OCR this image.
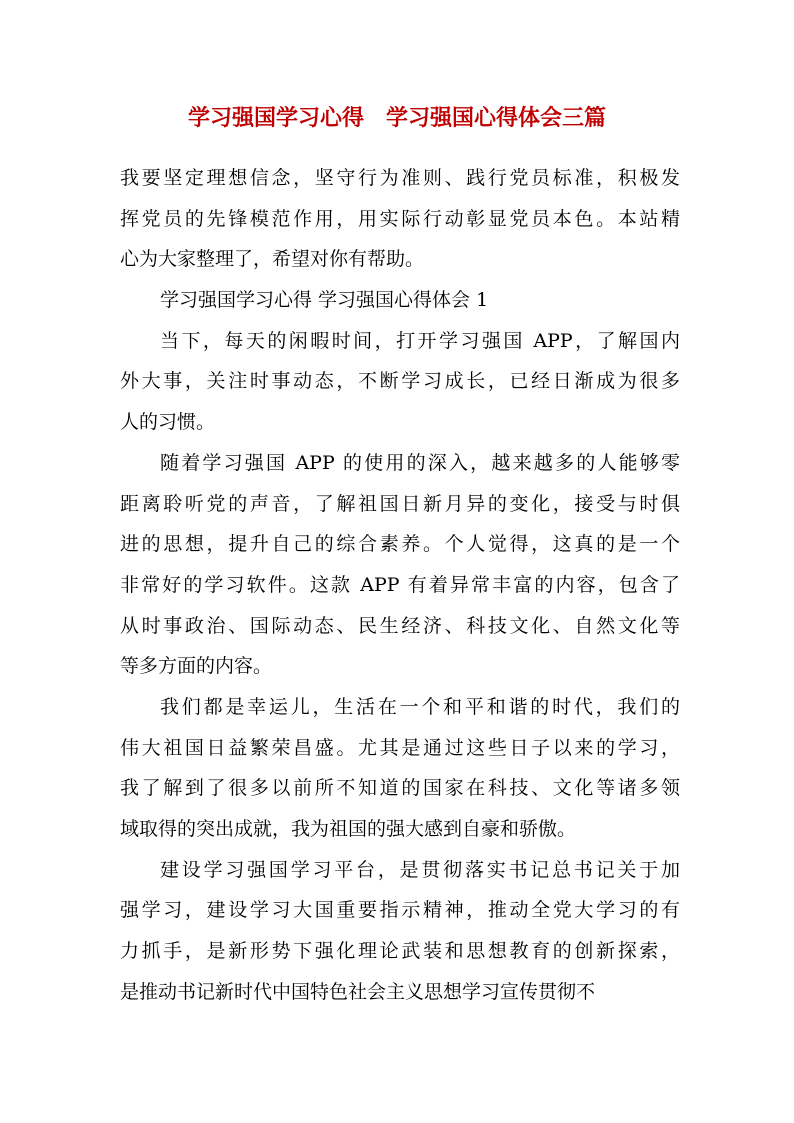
学习强国学习心得　学习强国心得体会三篇
我要坚定理想信念，坚守行为准则、践行党员标准，积极发
挥党员的先锋模范作用，用实际行动彰显党员本色。本站精
心为大家整理了，希望对你有帮助。
学习强国学习心得 学习强国心得体会 1
当下，每天的闲暇时间，打开学习强国 APP，了解国内
外大事，关注时事动态，不断学习成长，已经日渐成为很多
人的习惯。
随着学习强国 APP 的使用的深入，越来越多的人能够零
距离聆听党的声音，了解祖国日新月异的变化，接受与时俱
进的思想，提升自己的综合素养。个人觉得，这真的是一个
非常好的学习软件。这款 APP 有着异常丰富的内容，包含了
从时事政治、国际动态、民生经济、科技文化、自然文化等
等多方面的内容。
我们都是幸运儿，生活在一个和平和谐的时代，我们的
伟大祖国日益繁荣昌盛。尤其是通过这些日子以来的学习，
我了解到了很多以前所不知道的国家在科技、文化等诸多领
域取得的突出成就，我为祖国的强大感到自豪和骄傲。
建设学习强国学习平台，是贯彻落实书记总书记关于加
强学习，建设学习大国重要指示精神，推动全党大学习的有
力抓手，是新形势下强化理论武装和思想教育的创新探索，
是推动书记新时代中国特色社会主义思想学习宣传贯彻不
